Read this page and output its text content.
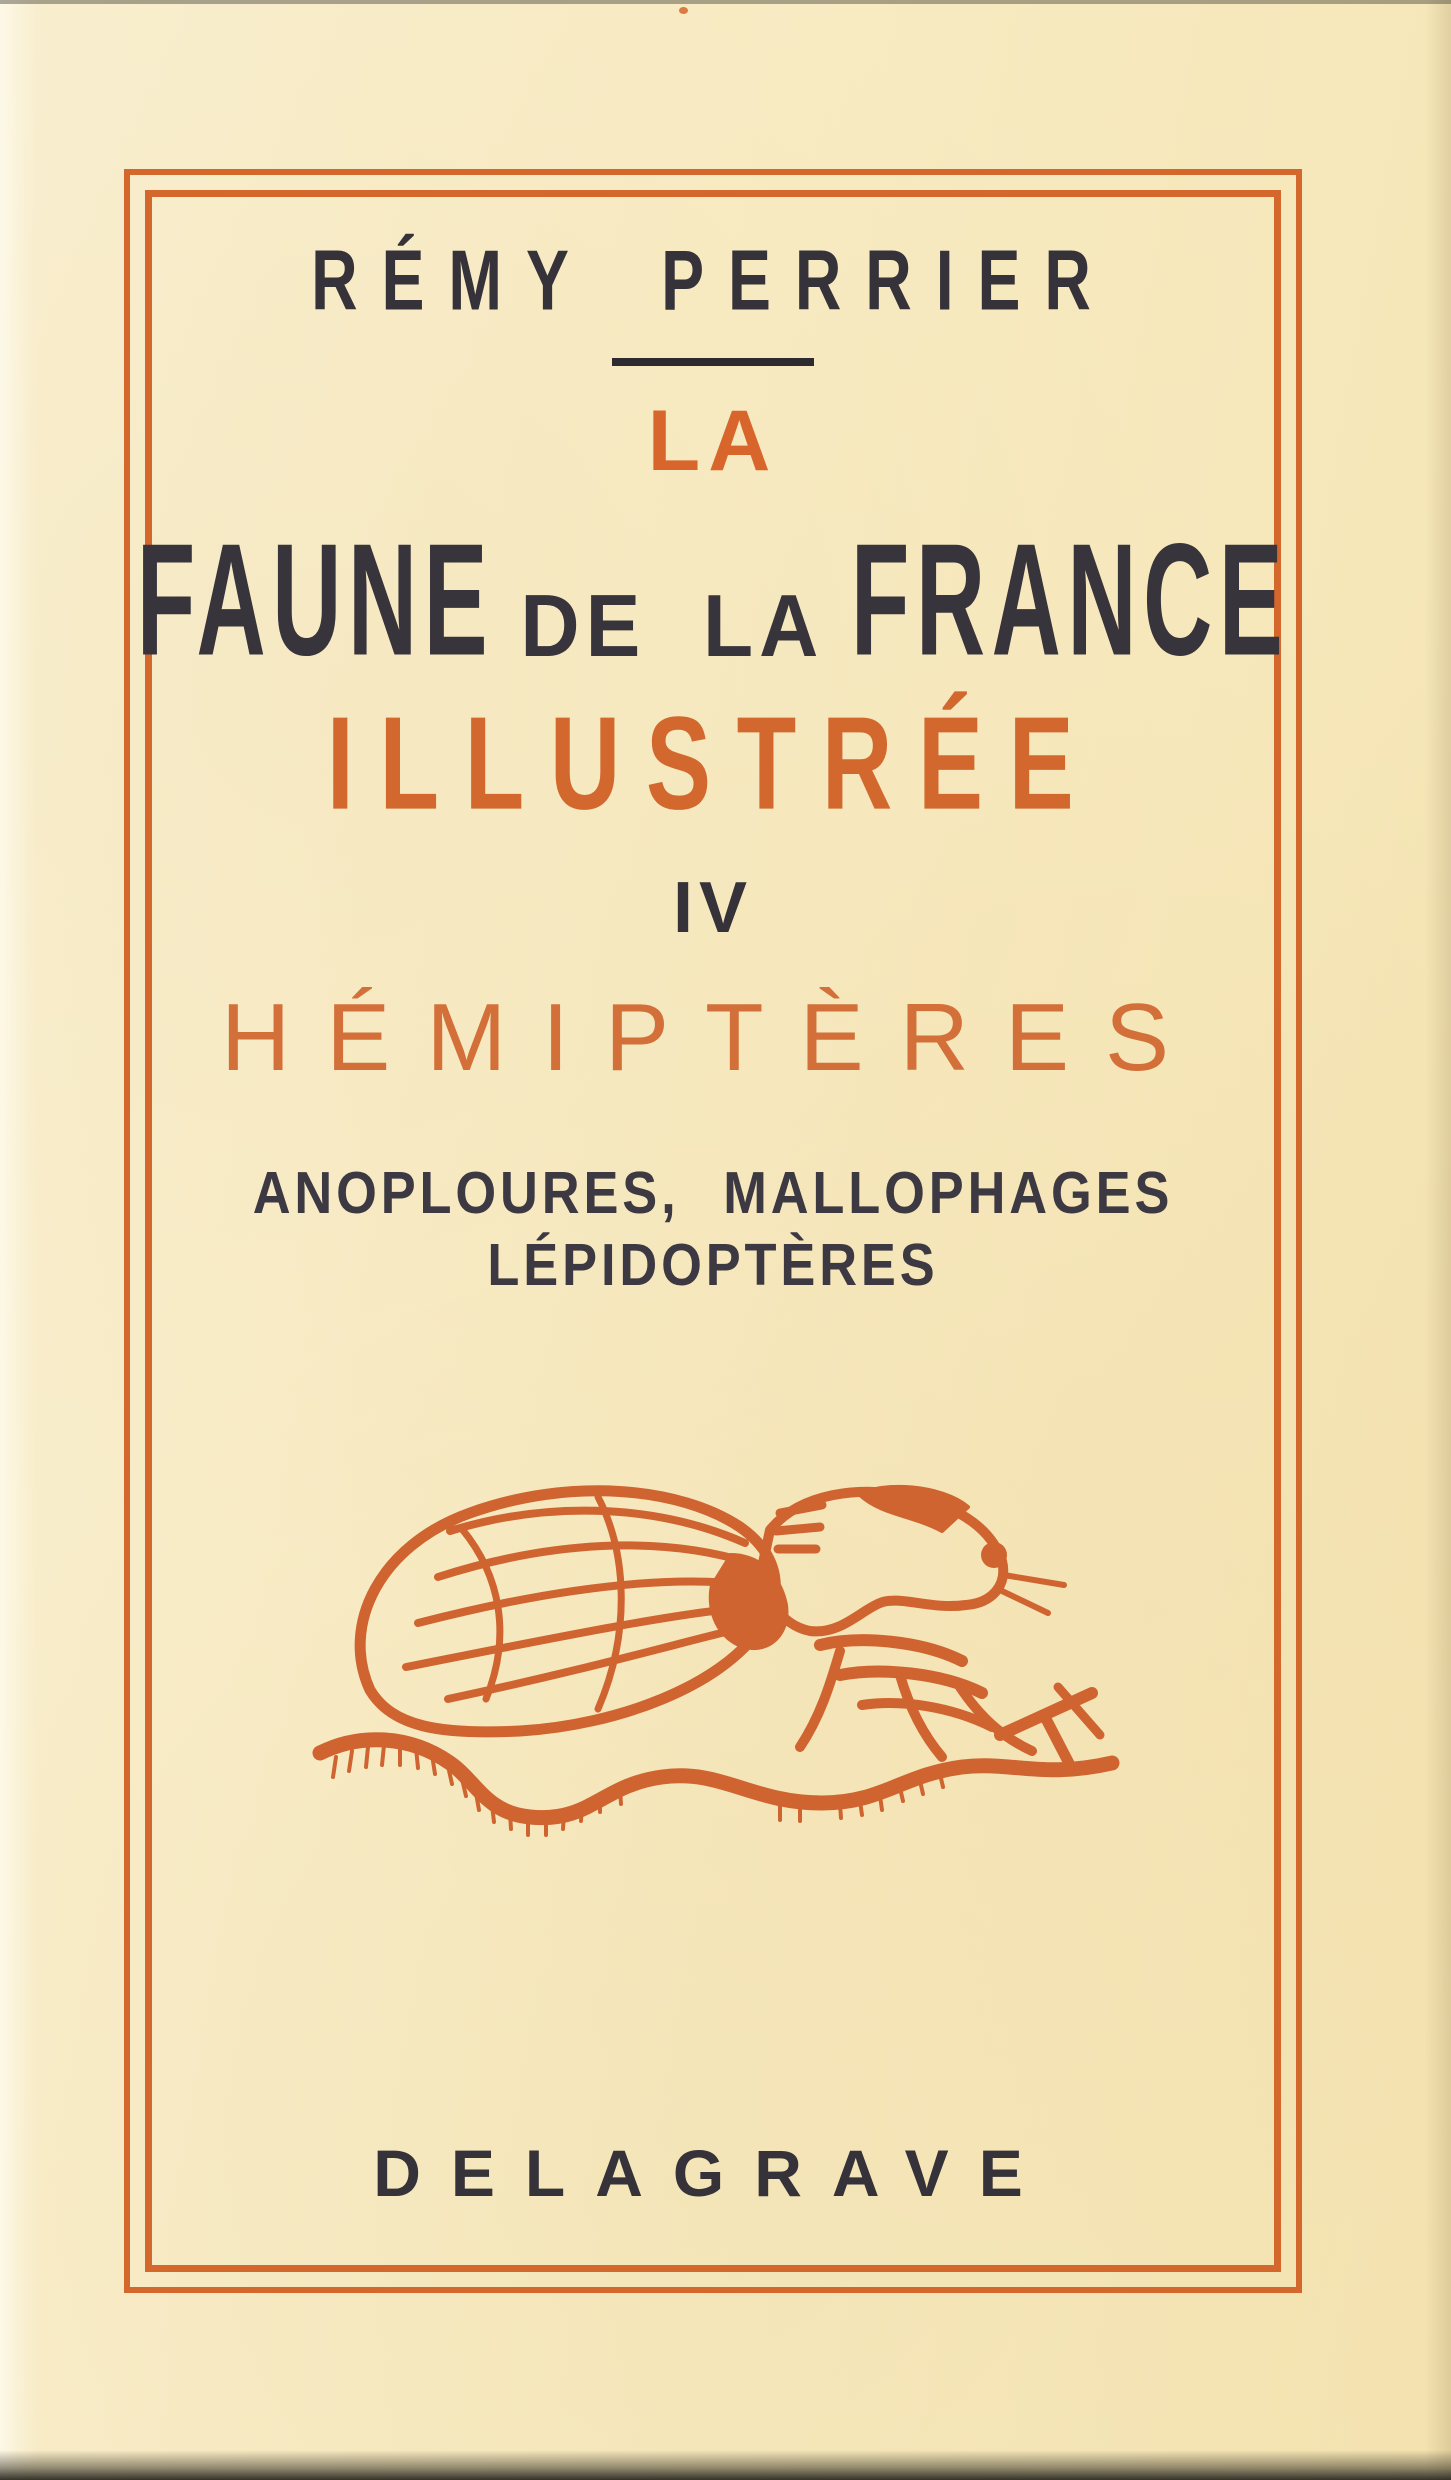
RÉMY PERRIER
LA
FAUNE DE LA FRANCE
ILLUSTRÉE
IV
HÉMIPTÈRES
ANOPLOURES, MALLOPHAGES
LÉPIDOPTÈRES
DELAGRAVE
